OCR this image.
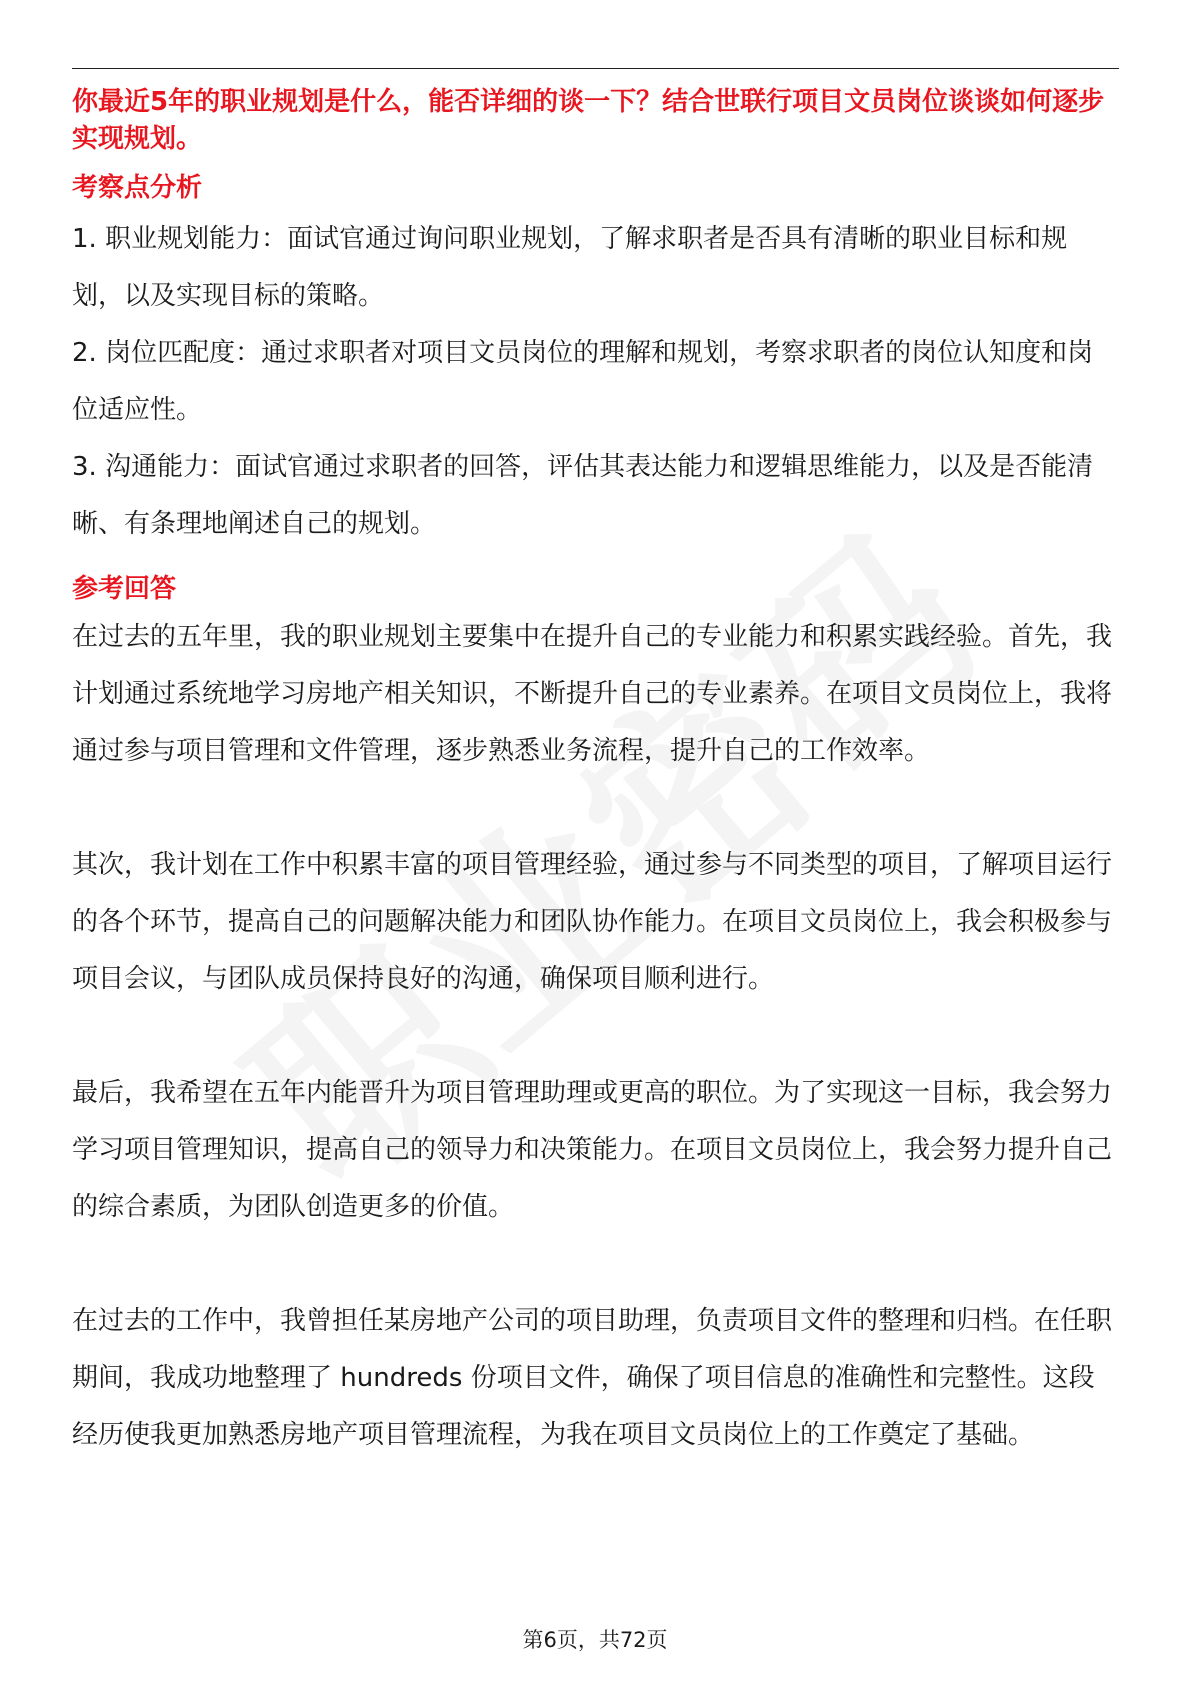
你最近5年的职业规划是什么，能否详细的谈一下？结合世联行项目文员岗位谈谈如何逐步实现规划。

考察点分析

1. 职业规划能力：面试官通过询问职业规划，了解求职者是否具有清晰的职业目标和规划，以及实现目标的策略。

2. 岗位匹配度：通过求职者对项目文员岗位的理解和规划，考察求职者的岗位认知度和岗位适应性。

3. 沟通能力：面试官通过求职者的回答，评估其表达能力和逻辑思维能力，以及是否能清晰、有条理地阐述自己的规划。

参考回答

在过去的五年里，我的职业规划主要集中在提升自己的专业能力和积累实践经验。首先，我计划通过系统地学习房地产相关知识，不断提升自己的专业素养。在项目文员岗位上，我将通过参与项目管理和文件管理，逐步熟悉业务流程，提升自己的工作效率。

其次，我计划在工作中积累丰富的项目管理经验，通过参与不同类型的项目，了解项目运行的各个环节，提高自己的问题解决能力和团队协作能力。在项目文员岗位上，我会积极参与项目会议，与团队成员保持良好的沟通，确保项目顺利进行。

最后，我希望在五年内能晋升为项目管理助理或更高的职位。为了实现这一目标，我会努力学习项目管理知识，提高自己的领导力和决策能力。在项目文员岗位上，我会努力提升自己的综合素质，为团队创造更多的价值。

在过去的工作中，我曾担任某房地产公司的项目助理，负责项目文件的整理和归档。在任职期间，我成功地整理了 hundreds 份项目文件，确保了项目信息的准确性和完整性。这段经历使我更加熟悉房地产项目管理流程，为我在项目文员岗位上的工作奠定了基础。

第6页，共72页
